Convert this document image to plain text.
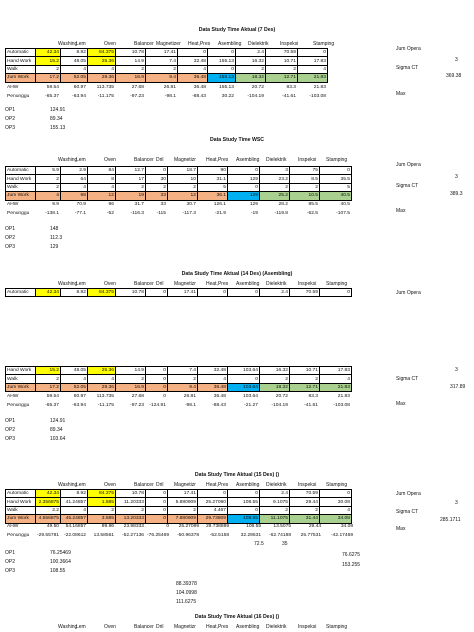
Data Study Time Aktual (7 Des)
Washing
Lem	Oven	Balancer Magnetizer	Heat,Pres	Asembling	Dielektrik	Inspeksi	Stamping
Automatic	42.34	8.92	84.375	10.78	17.41	0	0	2.4	70.59	0
Hand Work	15.2	48.05	25.36	14.9	7.4	32.48	155.13	16.32	10.71	17.83
Walk	2	4	4	2	2	4	0	2	2	4
Jum Work	17.2	52.05	29.36	16.9	9.4	36.48	155.13	18.32	12.71	21.83
AHW	59.54	60.97	113.735	27.68	26.81	36.48	155.13	20.72	83.3	21.83
Penunggu	-65.37	-63.94	-11.175	-97.23	-98.1	-88.43	30.22	-104.19	-41.61	-103.08
Jum Opera
3
Sigma CT
369.38
Max
OP1	124.91
OP2	89.34
OP3	155.13
Data Study Time WSC
Washing
Lem	Oven	Balancer Dril	Magnetizr	Heat,Pres	Asembling	Dielektrik	Inspeksi	Stamping
Automatic	5.9	2.9	84	12.7	0	18.7	90	0	3	75	0
Hand Work	2	64	8	17	30	10	31.1	129	23.2	8.5	35.5
Walk	2	4	4	2	2	2	5	0	2	2	5
Jum Work	4	68	12	19	33	12	36.1	129	25.2	10.5	40.5
AHW	9.9	70.9	96	31.7	33	30.7	126.1	129	28.2	85.5	40.5
Penunggu	-138.1	-77.1	-52	-116.3	-115	-117.3	-21.9	-19	-119.8	-62.5	-107.5
Jum Opera
3
Sigma CT
389.3
Max
OP1	148
OP2	112.3
OP3	129
Data Study Time Aktual (14 Des) (Asembling)
Washing
Lem	Oven	Balancer Dril	Magnetizr	Heat,Pres	Asembling	Dielektrik	Inspeksi	Stamping
Automatic	42.34	8.92	84.375	10.78	0	17.41	0	0	2.4	70.59	0	Jum Opera
Hand Work	15.2	48.05	25.36	14.9	0	7.4	32.48	103.64	16.32	10.71	17.83
Walk	2	4	4	2	0	2	4	0	2	2	4
Jum Work	17.2	52.05	29.36	16.9	0	9.4	36.48	103.64	18.32	12.71	21.83
AHW	59.54	60.97	113.735	27.68	0	26.81	36.48	103.64	20.72	83.3	21.83
Penunggu	-65.37	-63.94	-11.175	-97.23	-124.91	-98.1	-88.43	-21.27	-104.19	-41.61	-103.08
3
Sigma CT
317.89
Max
OP1	124.91
OP2	89.34
OP3	103.64
Data Study Time Aktual (15 Des) ()
Washing
Lem	Oven	Balancer Dril	Magnetizr	Heat,Pres	Asembling	Dielektrik	Inspeksi	Stamping
Automatic	42.34	8.92	84.375	10.78	0	17.41	0	0	2.4	70.59	0
Hand Work	2.356875	41.24857	1.585	11.20333	0	5.880909	25.27090	108.55	9.1075	29.44	30.08
Walk	2.2	4	2	2	0	2	4.467	0	2	2	4
Jum Work	4.556875	45.24857	3.585	13.20333	0	7.880909	29.73809	108.55	11.1075	31.44	34.08
AHW	49.50	54.16857	89.96	23.98333	0	25.27099	29.738889	108.55	13.5075	29.44	34.08
Penunggu	-29.55781	-22.08612	13.58561	-52.27136	-76.25469	-50.96378	-52.5158	32.29531	-62.74188	25.77531	-42.17469
72.5	35
Jum Opera
3
Sigma CT
285.1711
Max
OP1	76.25469
OP2	100.3664
OP3	108.55
76.6275
153.255
88.39378
104.0998
111.6275
Data Study Time Aktual (16 Des) ()
Washing
Lem	Oven	Balancer Dril	Magnetizr	Heat,Pres	Asembling	Dielektrik	Inspeksi	Stamping
